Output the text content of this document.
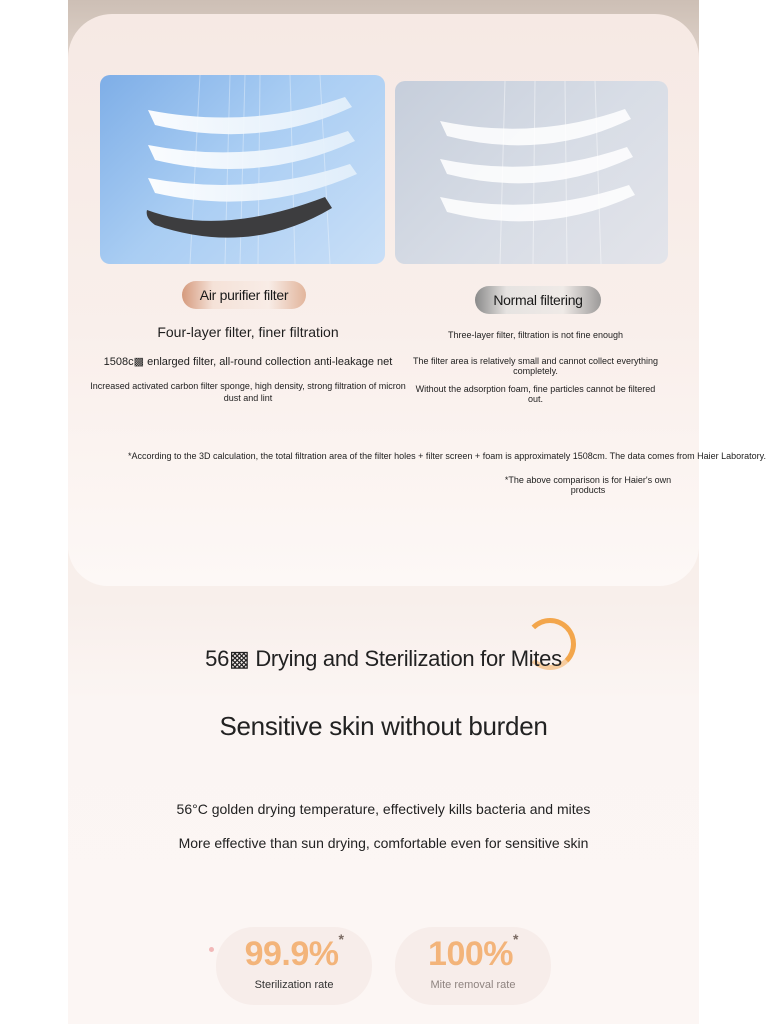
Air purifier filter	Normal filtering
Four-layer filter, finer filtration
1508c▩ enlarged filter, all-round collection anti-leakage net
Increased activated carbon filter sponge, high density, strong filtration of micron dust and lint
Three-layer filter, filtration is not fine enough
The filter area is relatively small and cannot collect everything completely.
Without the adsorption foam, fine particles cannot be filtered out.
*According to the 3D calculation, the total filtration area of the filter holes + filter screen + foam is approximately 1508cm. The data comes from Haier Laboratory.
*The above comparison is for Haier's own products
56▩ Drying and Sterilization for Mites
Sensitive skin without burden
56°C golden drying temperature, effectively kills bacteria and mites
More effective than sun drying, comfortable even for sensitive skin
99.9%*
Sterilization rate
100%*
Mite removal rate
